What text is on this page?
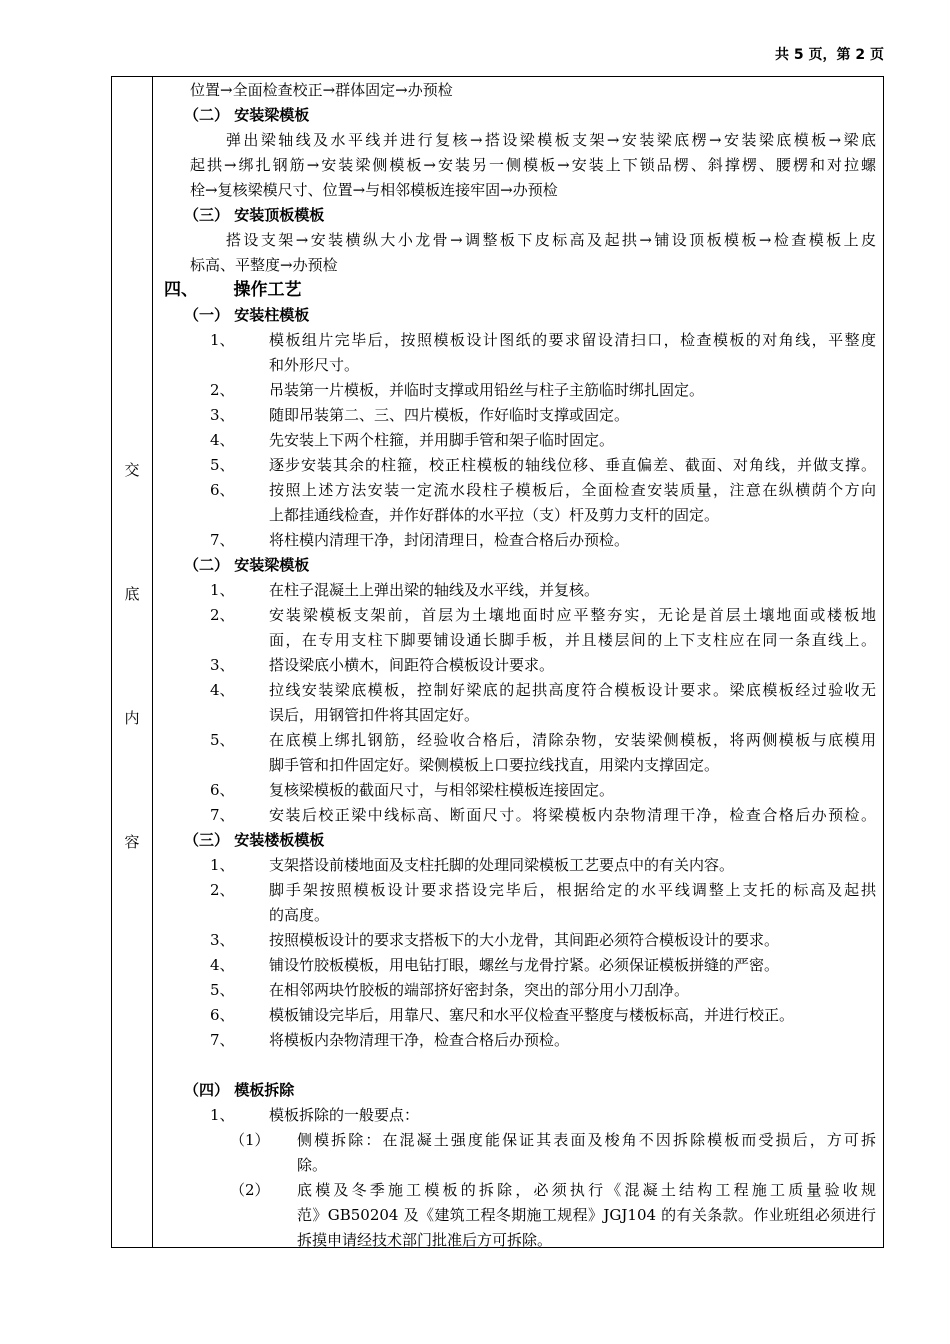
共 5 页，第 2 页
交
底
内
容
位置→全面检查校正→群体固定→办预检
（二） 安装梁模板
弹出梁轴线及水平线并进行复核→搭设梁模板支架→安装梁底楞→安装梁底模板→梁底
起拱→绑扎钢筋→安装梁侧模板→安装另一侧模板→安装上下锁品楞、斜撑楞、腰楞和对拉螺
栓→复核梁模尺寸、位置→与相邻模板连接牢固→办预检
（三） 安装顶板模板
搭设支架→安装横纵大小龙骨→调整板下皮标高及起拱→铺设顶板模板→检查模板上皮
标高、平整度→办预检
四、      操作工艺
（一） 安装柱模板
1、 模板组片完毕后，按照模板设计图纸的要求留设清扫口，检查模板的对角线，平整度
和外形尺寸。
2、 吊装第一片模板，并临时支撑或用铅丝与柱子主筋临时绑扎固定。
3、 随即吊装第二、三、四片模板，作好临时支撑或固定。
4、 先安装上下两个柱箍，并用脚手管和架子临时固定。
5、 逐步安装其余的柱箍，校正柱模板的轴线位移、垂直偏差、截面、对角线，并做支撑。
6、 按照上述方法安装一定流水段柱子模板后，全面检查安装质量，注意在纵横荫个方向
上都挂通线检查，并作好群体的水平拉（支）杆及剪力支杆的固定。
7、 将柱模内清理干净，封闭清理日，检查合格后办预检。
（二） 安装梁模板
1、 在柱子混凝土上弹出梁的轴线及水平线，并复核。
2、 安装梁模板支架前，首层为土壤地面时应平整夯实，无论是首层土壤地面或楼板地
面，在专用支柱下脚要铺设通长脚手板，并且楼层间的上下支柱应在同一条直线上。
3、 搭设梁底小横木，间距符合模板设计要求。
4、 拉线安装梁底模板，控制好梁底的起拱高度符合模板设计要求。梁底模板经过验收无
误后，用钢管扣件将其固定好。
5、 在底模上绑扎钢筋，经验收合格后，清除杂物，安装梁侧模板，将两侧模板与底模用
脚手管和扣件固定好。梁侧模板上口要拉线找直，用梁内支撑固定。
6、 复核梁模板的截面尺寸，与相邻梁柱模板连接固定。
7、 安装后校正梁中线标高、断面尺寸。将梁模板内杂物清理干净，检查合格后办预检。
（三） 安装楼板模板
1、 支架搭设前楼地面及支柱托脚的处理同梁模板工艺要点中的有关内容。
2、 脚手架按照模板设计要求搭设完毕后，根据给定的水平线调整上支托的标高及起拱
的高度。
3、 按照模板设计的要求支搭板下的大小龙骨，其间距必须符合模板设计的要求。
4、 铺设竹胶板模板，用电钻打眼，螺丝与龙骨拧紧。必须保证模板拼缝的严密。
5、 在相邻两块竹胶板的端部挤好密封条，突出的部分用小刀刮净。
6、 模板铺设完毕后，用靠尺、塞尺和水平仪检查平整度与楼板标高，并进行校正。
7、 将模板内杂物清理干净，检查合格后办预检。
（四） 模板拆除
1、 模板拆除的一般要点：
（1） 侧模拆除：在混凝土强度能保证其表面及梭角不因拆除模板而受损后，方可拆
除。
（2） 底模及冬季施工模板的拆除，必须执行《混凝土结构工程施工质量验收规
范》GB50204 及《建筑工程冬期施工规程》JGJ104 的有关条款。作业班组必须进行
拆摸申请经技术部门批准后方可拆除。
